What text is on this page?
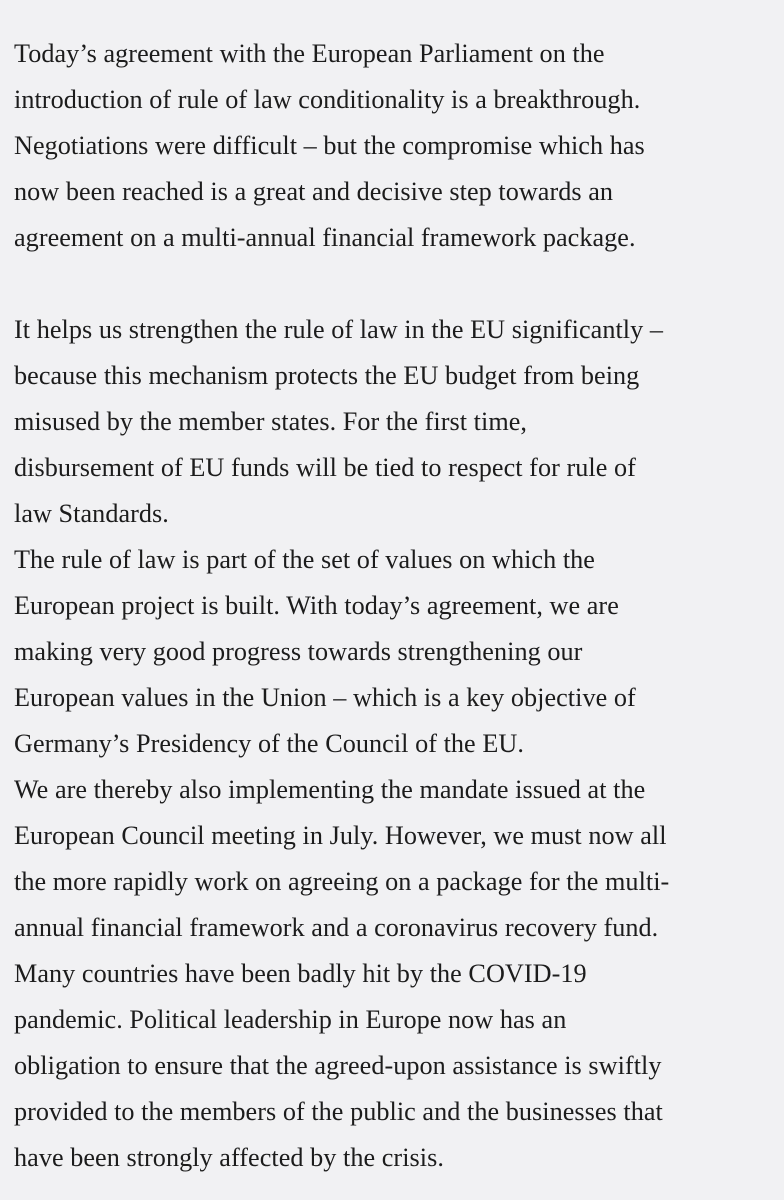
Today’s agreement with the European Parliament on the
introduction of rule of law conditionality is a breakthrough.
Negotiations were difficult – but the compromise which has
now been reached is a great and decisive step towards an
agreement on a multi-annual financial framework package.
It helps us strengthen the rule of law in the EU significantly –
because this mechanism protects the EU budget from being
misused by the member states. For the first time,
disbursement of EU funds will be tied to respect for rule of
law Standards.
The rule of law is part of the set of values on which the
European project is built. With today’s agreement, we are
making very good progress towards strengthening our
European values in the Union – which is a key objective of
Germany’s Presidency of the Council of the EU.
We are thereby also implementing the mandate issued at the
European Council meeting in July. However, we must now all
the more rapidly work on agreeing on a package for the multi-
annual financial framework and a coronavirus recovery fund.
Many countries have been badly hit by the COVID-19
pandemic. Political leadership in Europe now has an
obligation to ensure that the agreed-upon assistance is swiftly
provided to the members of the public and the businesses that
have been strongly affected by the crisis.
